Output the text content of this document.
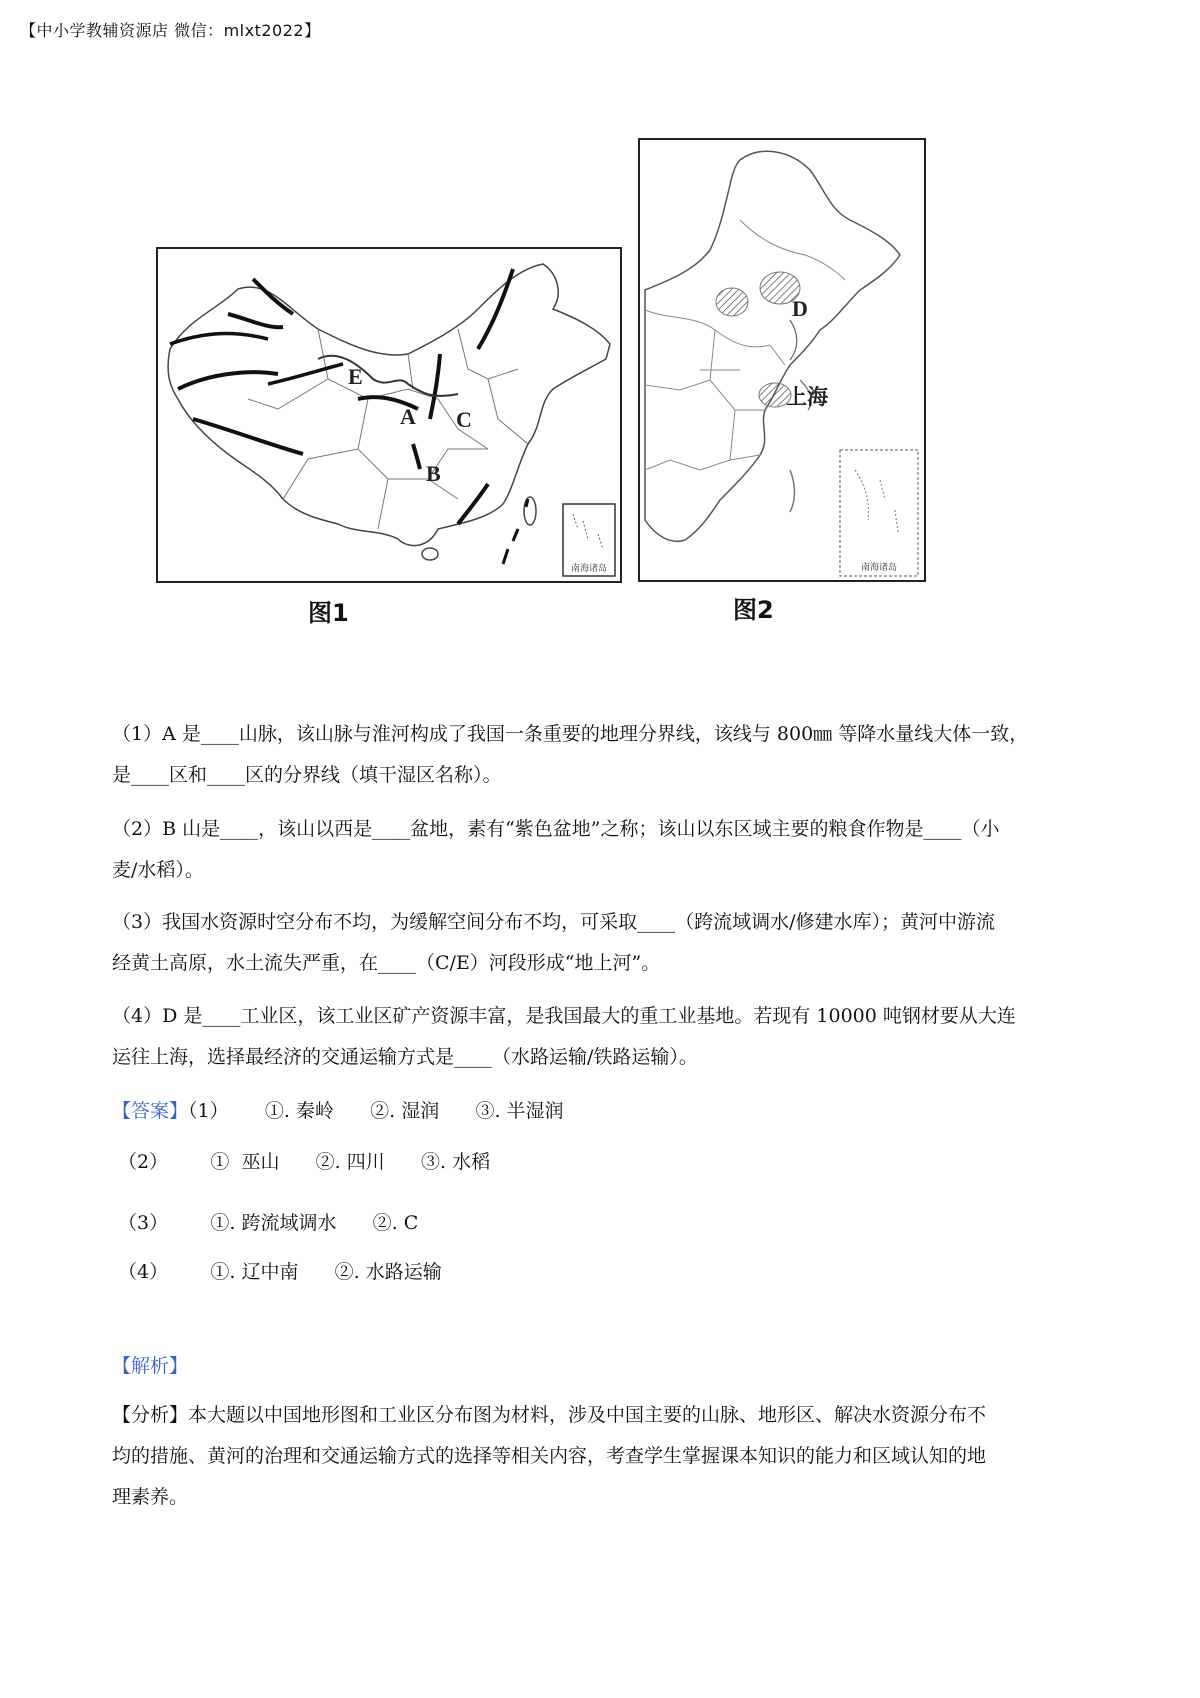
【中小学教辅资源店 微信：mlxt2022】
南海诸岛
E
A C
B
图1
南海诸岛
D
上海
图2
（1）A 是____山脉，该山脉与淮河构成了我国一条重要的地理分界线，该线与 800㎜ 等降水量线大体一致，
是____区和____区的分界线（填干湿区名称）。
（2）B 山是____，该山以西是____盆地，素有“紫色盆地”之称；该山以东区域主要的粮食作物是____（小
麦/水稻）。
（3）我国水资源时空分布不均，为缓解空间分布不均，可采取____（跨流域调水/修建水库）；黄河中游流
经黄土高原，水土流失严重，在____（C/E）河段形成“地上河”。
（4）D 是____工业区，该工业区矿产资源丰富，是我国最大的重工业基地。若现有 10000 吨钢材要从大连
运往上海，选择最经济的交通运输方式是____（水路运输/铁路运输）。
【答案】（1）      ①. 秦岭      ②. 湿润      ③. 半湿润
（2）       ①  巫山      ②. 四川      ③. 水稻
（3）       ①. 跨流域调水      ②. C
（4）       ①. 辽中南      ②. 水路运输
【解析】
【分析】本大题以中国地形图和工业区分布图为材料，涉及中国主要的山脉、地形区、解决水资源分布不
均的措施、黄河的治理和交通运输方式的选择等相关内容，考查学生掌握课本知识的能力和区域认知的地
理素养。
